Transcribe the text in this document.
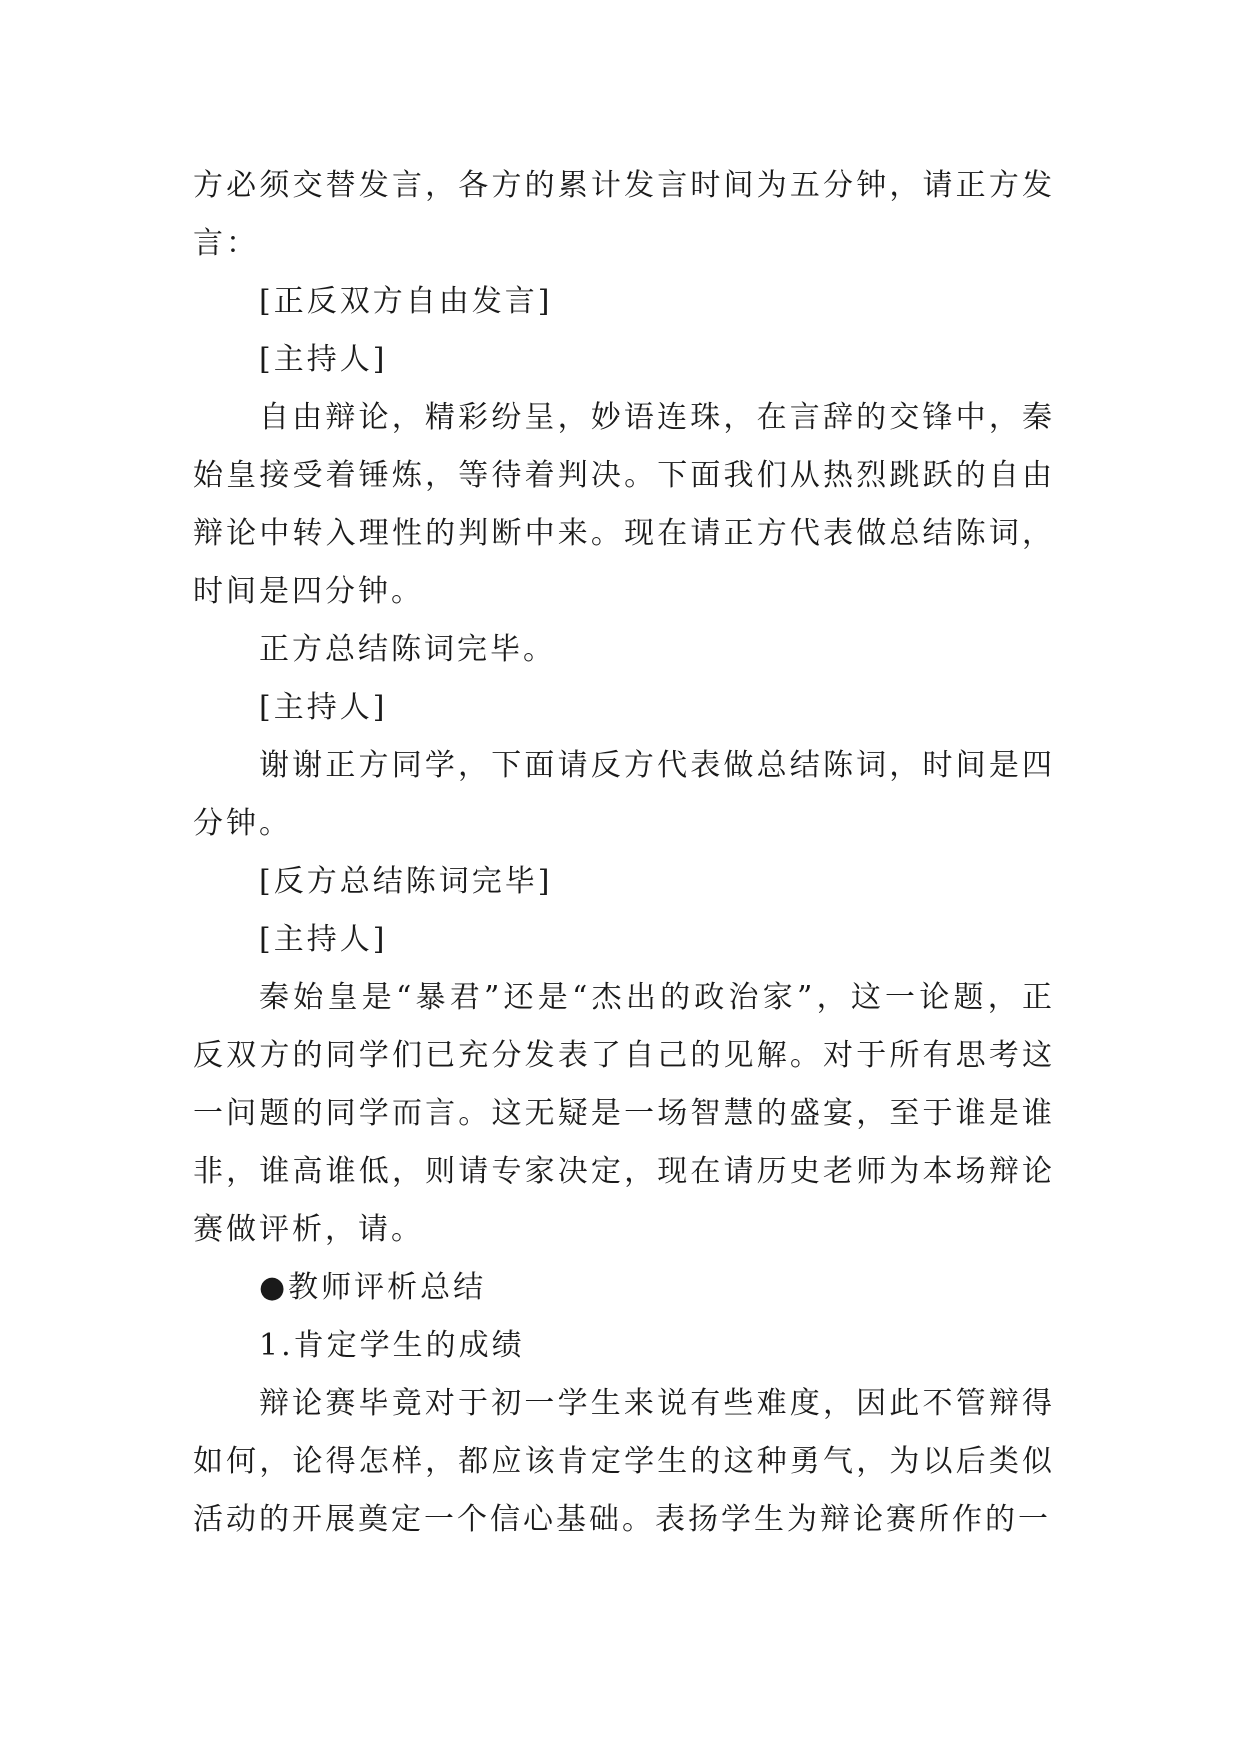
方必须交替发言，各方的累计发言时间为五分钟，请正方发言：

[正反双方自由发言]

[主持人]

自由辩论，精彩纷呈，妙语连珠，在言辞的交锋中，秦始皇接受着锤炼，等待着判决。下面我们从热烈跳跃的自由辩论中转入理性的判断中来。现在请正方代表做总结陈词，时间是四分钟。

正方总结陈词完毕。

[主持人]

谢谢正方同学，下面请反方代表做总结陈词，时间是四分钟。

[反方总结陈词完毕]

[主持人]

秦始皇是“暴君”还是“杰出的政治家”，这一论题，正反双方的同学们已充分发表了自己的见解。对于所有思考这一问题的同学而言。这无疑是一场智慧的盛宴，至于谁是谁非，谁高谁低，则请专家决定，现在请历史老师为本场辩论赛做评析，请。

●教师评析总结

1.肯定学生的成绩

辩论赛毕竟对于初一学生来说有些难度，因此不管辩得如何，论得怎样，都应该肯定学生的这种勇气，为以后类似活动的开展奠定一个信心基础。表扬学生为辩论赛所作的一
